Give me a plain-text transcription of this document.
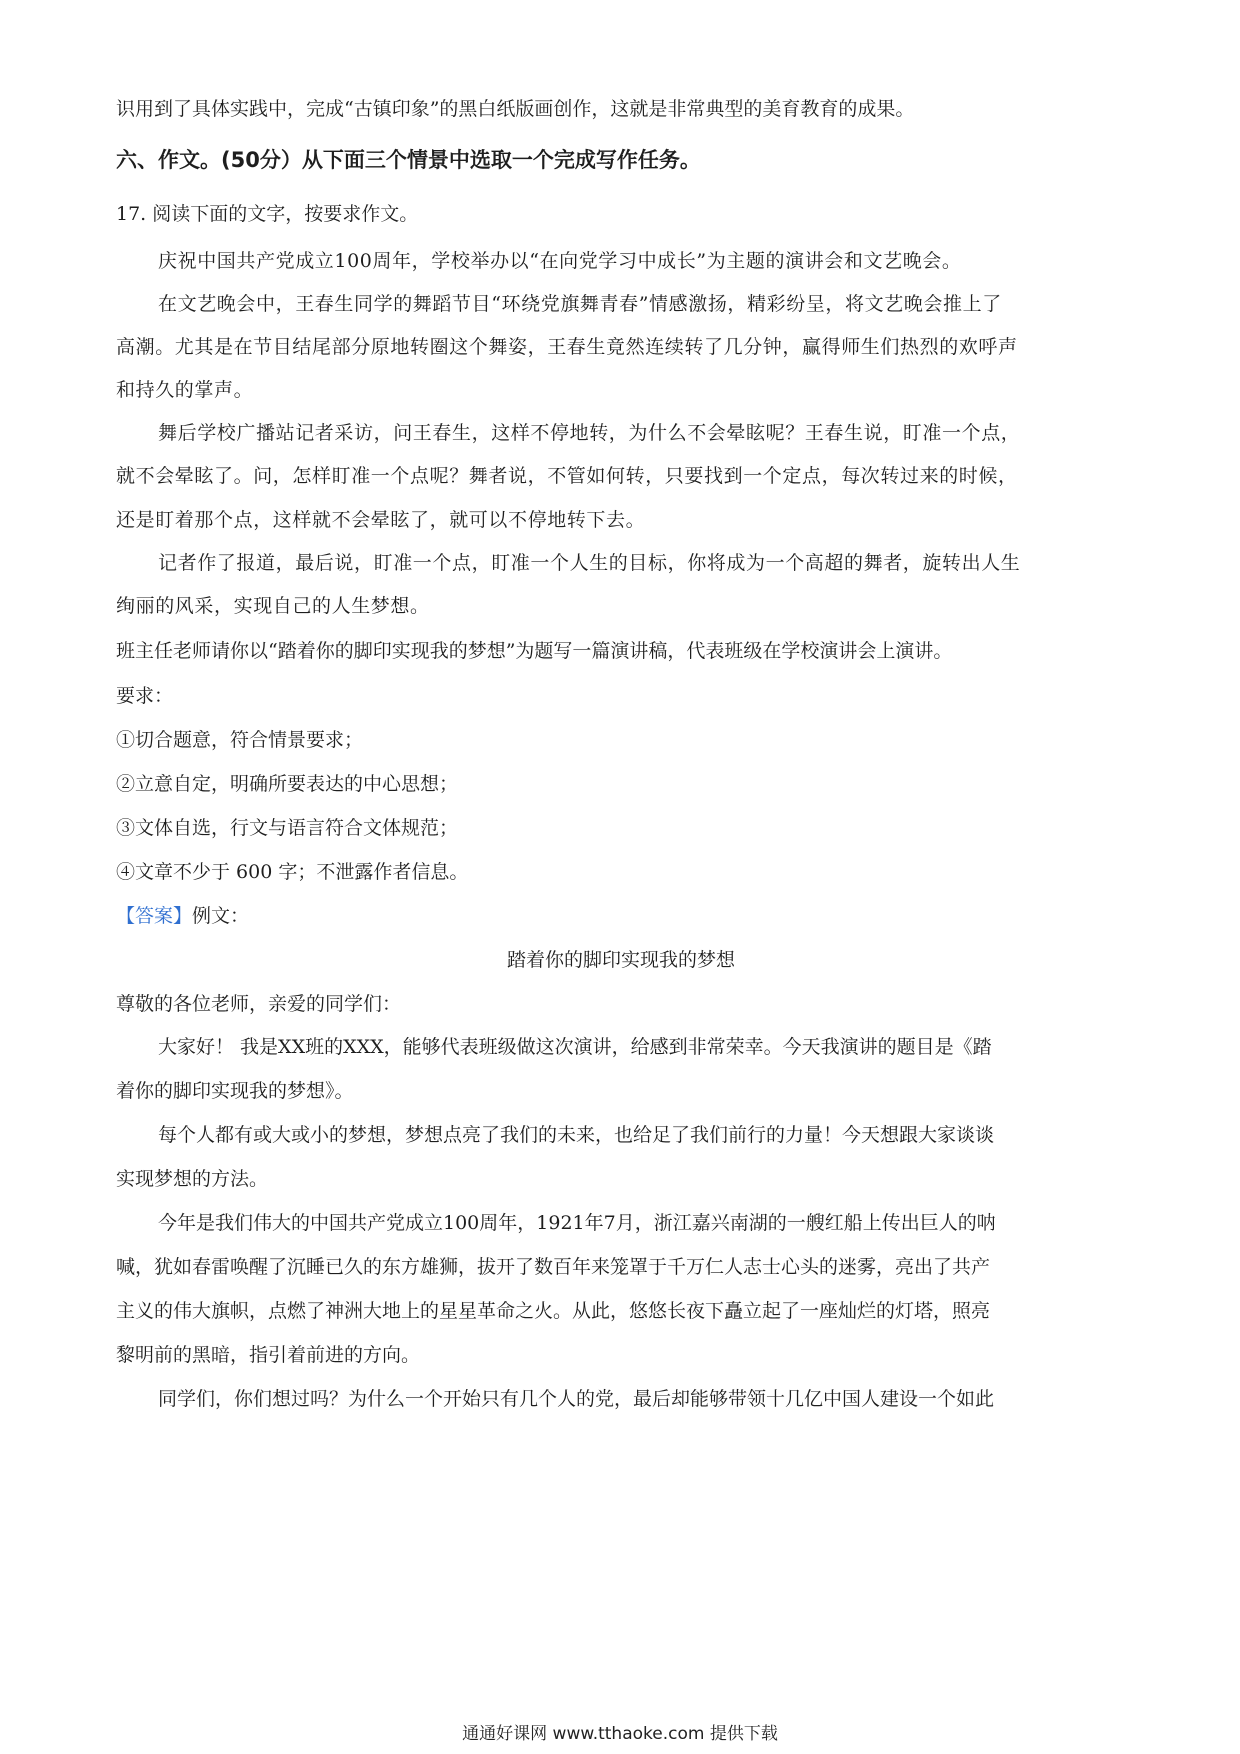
识用到了具体实践中，完成“古镇印象”的黑白纸版画创作，这就是非常典型的美育教育的成果。
六、作文。(50分）从下面三个情景中选取一个完成写作任务。
17. 阅读下面的文字，按要求作文。
庆祝中国共产党成立100周年，学校举办以“在向党学习中成长”为主题的演讲会和文艺晚会。
在文艺晚会中，王春生同学的舞蹈节目“环绕党旗舞青春”情感激扬，精彩纷呈，将文艺晚会推上了
高潮。尤其是在节目结尾部分原地转圈这个舞姿，王春生竟然连续转了几分钟，赢得师生们热烈的欢呼声
和持久的掌声。
舞后学校广播站记者采访，问王春生，这样不停地转，为什么不会晕眩呢？王春生说，盯准一个点，
就不会晕眩了。问，怎样盯准一个点呢？舞者说，不管如何转，只要找到一个定点，每次转过来的时候，
还是盯着那个点，这样就不会晕眩了，就可以不停地转下去。
记者作了报道，最后说，盯准一个点，盯准一个人生的目标，你将成为一个高超的舞者，旋转出人生
绚丽的风采，实现自己的人生梦想。
班主任老师请你以“踏着你的脚印实现我的梦想”为题写一篇演讲稿，代表班级在学校演讲会上演讲。
要求：
①切合题意，符合情景要求；
②立意自定，明确所要表达的中心思想；
③文体自选，行文与语言符合文体规范；
④文章不少于 600 字；不泄露作者信息。
【答案】例文：
踏着你的脚印实现我的梦想
尊敬的各位老师，亲爱的同学们：
大家好！ 我是XX班的XXX，能够代表班级做这次演讲，给感到非常荣幸。今天我演讲的题目是《踏
着你的脚印实现我的梦想》。
每个人都有或大或小的梦想，梦想点亮了我们的未来，也给足了我们前行的力量！今天想跟大家谈谈
实现梦想的方法。
今年是我们伟大的中国共产党成立100周年，1921年7月，浙江嘉兴南湖的一艘红船上传出巨人的呐
喊，犹如春雷唤醒了沉睡已久的东方雄狮，拔开了数百年来笼罩于千万仁人志士心头的迷雾，亮出了共产
主义的伟大旗帜，点燃了神洲大地上的星星革命之火。从此，悠悠长夜下矗立起了一座灿烂的灯塔，照亮
黎明前的黑暗，指引着前进的方向。
同学们，你们想过吗？为什么一个开始只有几个人的党，最后却能够带领十几亿中国人建设一个如此
通通好课网 www.tthaoke.com 提供下载
